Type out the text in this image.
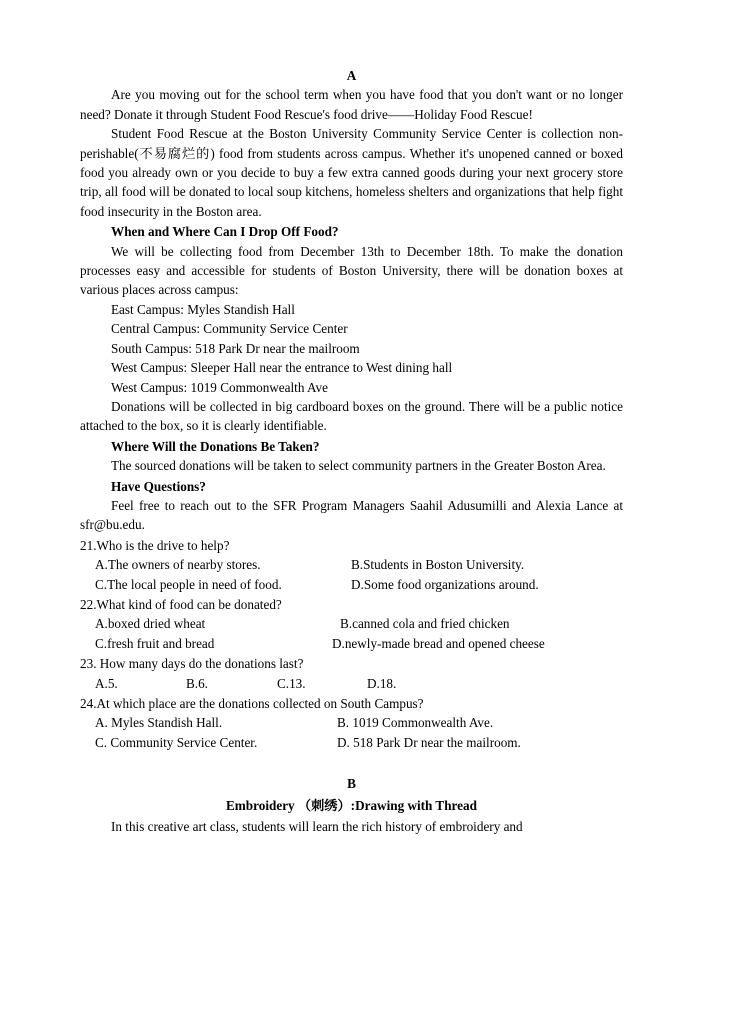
A

Are you moving out for the school term when you have food that you don't want or no longer need? Donate it through Student Food Rescue's food drive——Holiday Food Rescue!

Student Food Rescue at the Boston University Community Service Center is collection non-perishable(不易腐烂的) food from students across campus. Whether it's unopened canned or boxed food you already own or you decide to buy a few extra canned goods during your next grocery store trip, all food will be donated to local soup kitchens, homeless shelters and organizations that help fight food insecurity in the Boston area.

When and Where Can I Drop Off Food?

We will be collecting food from December 13th to December 18th. To make the donation processes easy and accessible for students of Boston University, there will be donation boxes at various places across campus:

East Campus: Myles Standish Hall

Central Campus: Community Service Center

South Campus: 518 Park Dr near the mailroom

West Campus: Sleeper Hall near the entrance to West dining hall

West Campus: 1019 Commonwealth Ave

Donations will be collected in big cardboard boxes on the ground. There will be a public notice attached to the box, so it is clearly identifiable.

Where Will the Donations Be Taken?

The sourced donations will be taken to select community partners in the Greater Boston Area.

Have Questions?

Feel free to reach out to the SFR Program Managers Saahil Adusumilli and Alexia Lance at sfr@bu.edu.

21.Who is the drive to help?

A.The owners of nearby stores.	B.Students in Boston University.
C.The local people in need of food.	D.Some food organizations around.

22.What kind of food can be donated?

A.boxed dried wheat	B.canned cola and fried chicken
C.fresh fruit and bread	D.newly-made bread and opened cheese

23. How many days do the donations last?

A.5.	B.6.	C.13.	D.18.

24.At which place are the donations collected on South Campus?

A. Myles Standish Hall.	B. 1019 Commonwealth Ave.
C. Community Service Center.	D. 518 Park Dr near the mailroom.

B

Embroidery （刺绣）:Drawing with Thread

In this creative art class, students will learn the rich history of embroidery and
